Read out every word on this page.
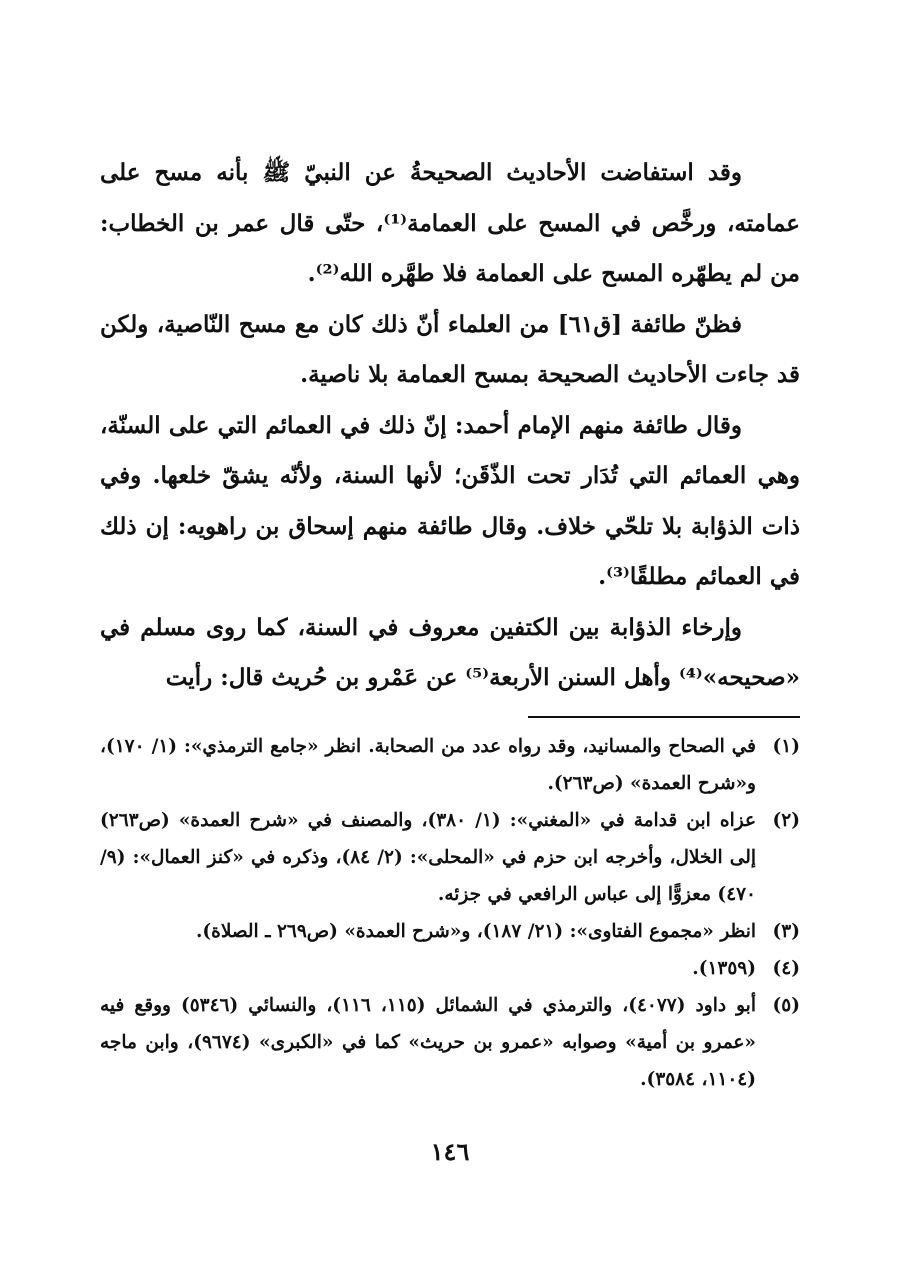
وقد استفاضت الأحاديث الصحيحةُ عن النبيّ ﷺ بأنه مسح على عمامته، ورخَّص في المسح على العمامة⁽¹⁾، حتّى قال عمر بن الخطاب: من لم يطهّره المسح على العمامة فلا طهَّره الله⁽²⁾.

فظنّ طائفة [ق٦١] من العلماء أنّ ذلك كان مع مسح النّاصية، ولكن قد جاءت الأحاديث الصحيحة بمسح العمامة بلا ناصية.

وقال طائفة منهم الإمام أحمد: إنّ ذلك في العمائم التي على السنّة، وهي العمائم التي تُدَار تحت الذّقَن؛ لأنها السنة، ولأنّه يشقّ خلعها. وفي ذات الذؤابة بلا تلحّي خلاف. وقال طائفة منهم إسحاق بن راهويه: إن ذلك في العمائم مطلقًا⁽³⁾.

وإرخاء الذؤابة بين الكتفين معروف في السنة، كما روى مسلم في «صحيحه»⁽⁴⁾ وأهل السنن الأربعة⁽⁵⁾ عن عَمْرو بن حُريث قال: رأيت

(١)
في الصحاح والمسانيد، وقد رواه عدد من الصحابة. انظر «جامع الترمذي»: (١/ ١٧٠)، و«شرح العمدة» (ص٢٦٣).
(٢)
عزاه ابن قدامة في «المغني»: (١/ ٣٨٠)، والمصنف في «شرح العمدة» (ص٢٦٣) إلى الخلال، وأخرجه ابن حزم في «المحلى»: (٢/ ٨٤)، وذكره في «كنز العمال»: (٩/ ٤٧٠) معزوًّا إلى عباس الرافعي في جزئه.
(٣)
انظر «مجموع الفتاوى»: (٢١/ ١٨٧)، و«شرح العمدة» (ص٢٦٩ ـ الصلاة).
(٤)
(١٣٥٩).
(٥)
أبو داود (٤٠٧٧)، والترمذي في الشمائل (١١٥، ١١٦)، والنسائي (٥٣٤٦) ووقع فيه «عمرو بن أمية» وصوابه «عمرو بن حريث» كما في «الكبرى» (٩٦٧٤)، وابن ماجه (١١٠٤، ٣٥٨٤).
١٤٦
